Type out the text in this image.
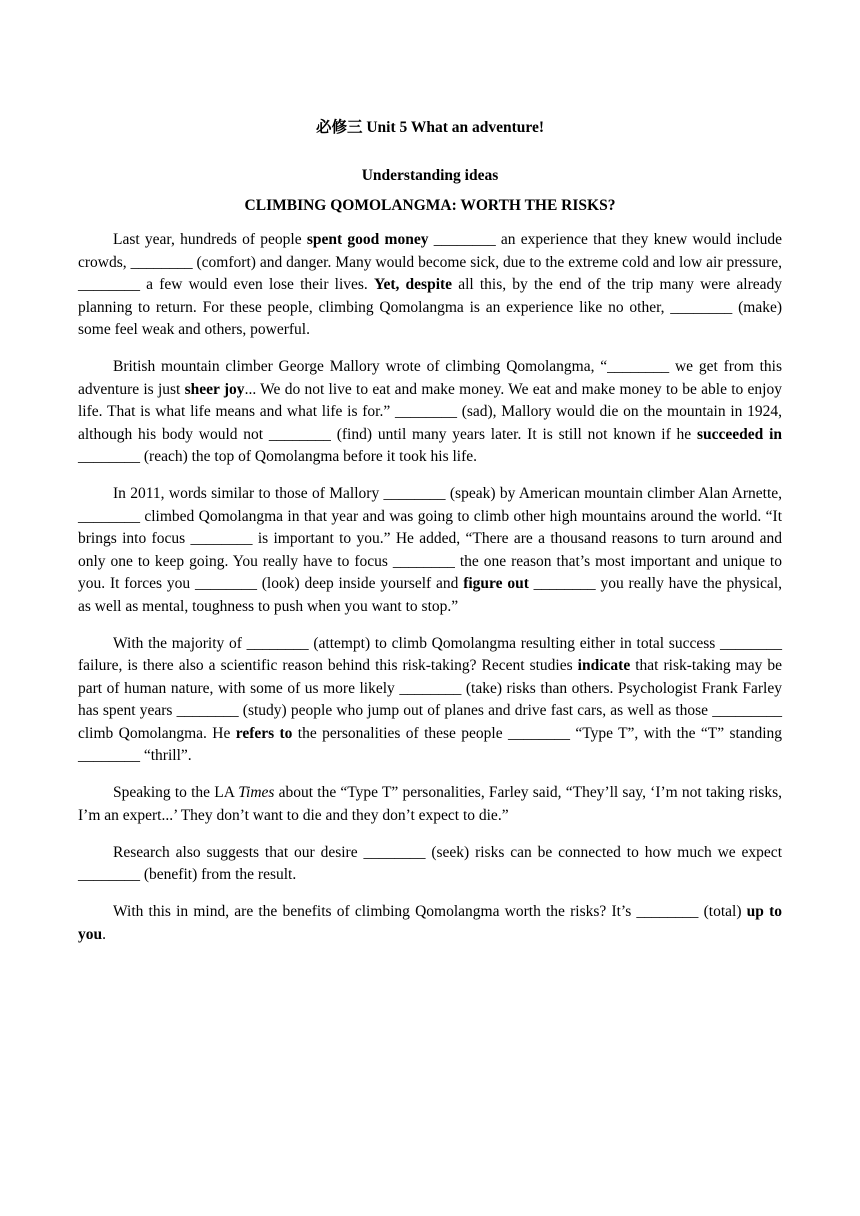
必修三 Unit 5 What an adventure!
Understanding ideas
CLIMBING QOMOLANGMA: WORTH THE RISKS?

Last year, hundreds of people spent good money ________ an experience that they knew would include crowds, ________ (comfort) and danger. Many would become sick, due to the extreme cold and low air pressure, ________ a few would even lose their lives. Yet, despite all this, by the end of the trip many were already planning to return. For these people, climbing Qomolangma is an experience like no other, ________ (make) some feel weak and others, powerful.

British mountain climber George Mallory wrote of climbing Qomolangma, “________ we get from this adventure is just sheer joy... We do not live to eat and make money. We eat and make money to be able to enjoy life. That is what life means and what life is for.” ________ (sad), Mallory would die on the mountain in 1924, although his body would not ________ (find) until many years later. It is still not known if he succeeded in ________ (reach) the top of Qomolangma before it took his life.

In 2011, words similar to those of Mallory ________ (speak) by American mountain climber Alan Arnette, ________ climbed Qomolangma in that year and was going to climb other high mountains around the world. “It brings into focus ________ is important to you.” He added, “There are a thousand reasons to turn around and only one to keep going. You really have to focus ________ the one reason that’s most important and unique to you. It forces you ________ (look) deep inside yourself and figure out ________ you really have the physical, as well as mental, toughness to push when you want to stop.”

With the majority of ________ (attempt) to climb Qomolangma resulting either in total success ________ failure, is there also a scientific reason behind this risk-taking? Recent studies indicate that risk-taking may be part of human nature, with some of us more likely ________ (take) risks than others. Psychologist Frank Farley has spent years ________ (study) people who jump out of planes and drive fast cars, as well as those _________ climb Qomolangma. He refers to the personalities of these people ________ “Type T”, with the “T” standing ________ “thrill”.

Speaking to the LA Times about the “Type T” personalities, Farley said, “They’ll say, ‘I’m not taking risks, I’m an expert...’ They don’t want to die and they don’t expect to die.”

Research also suggests that our desire ________ (seek) risks can be connected to how much we expect ________ (benefit) from the result.

With this in mind, are the benefits of climbing Qomolangma worth the risks? It’s ________ (total) up to you.
